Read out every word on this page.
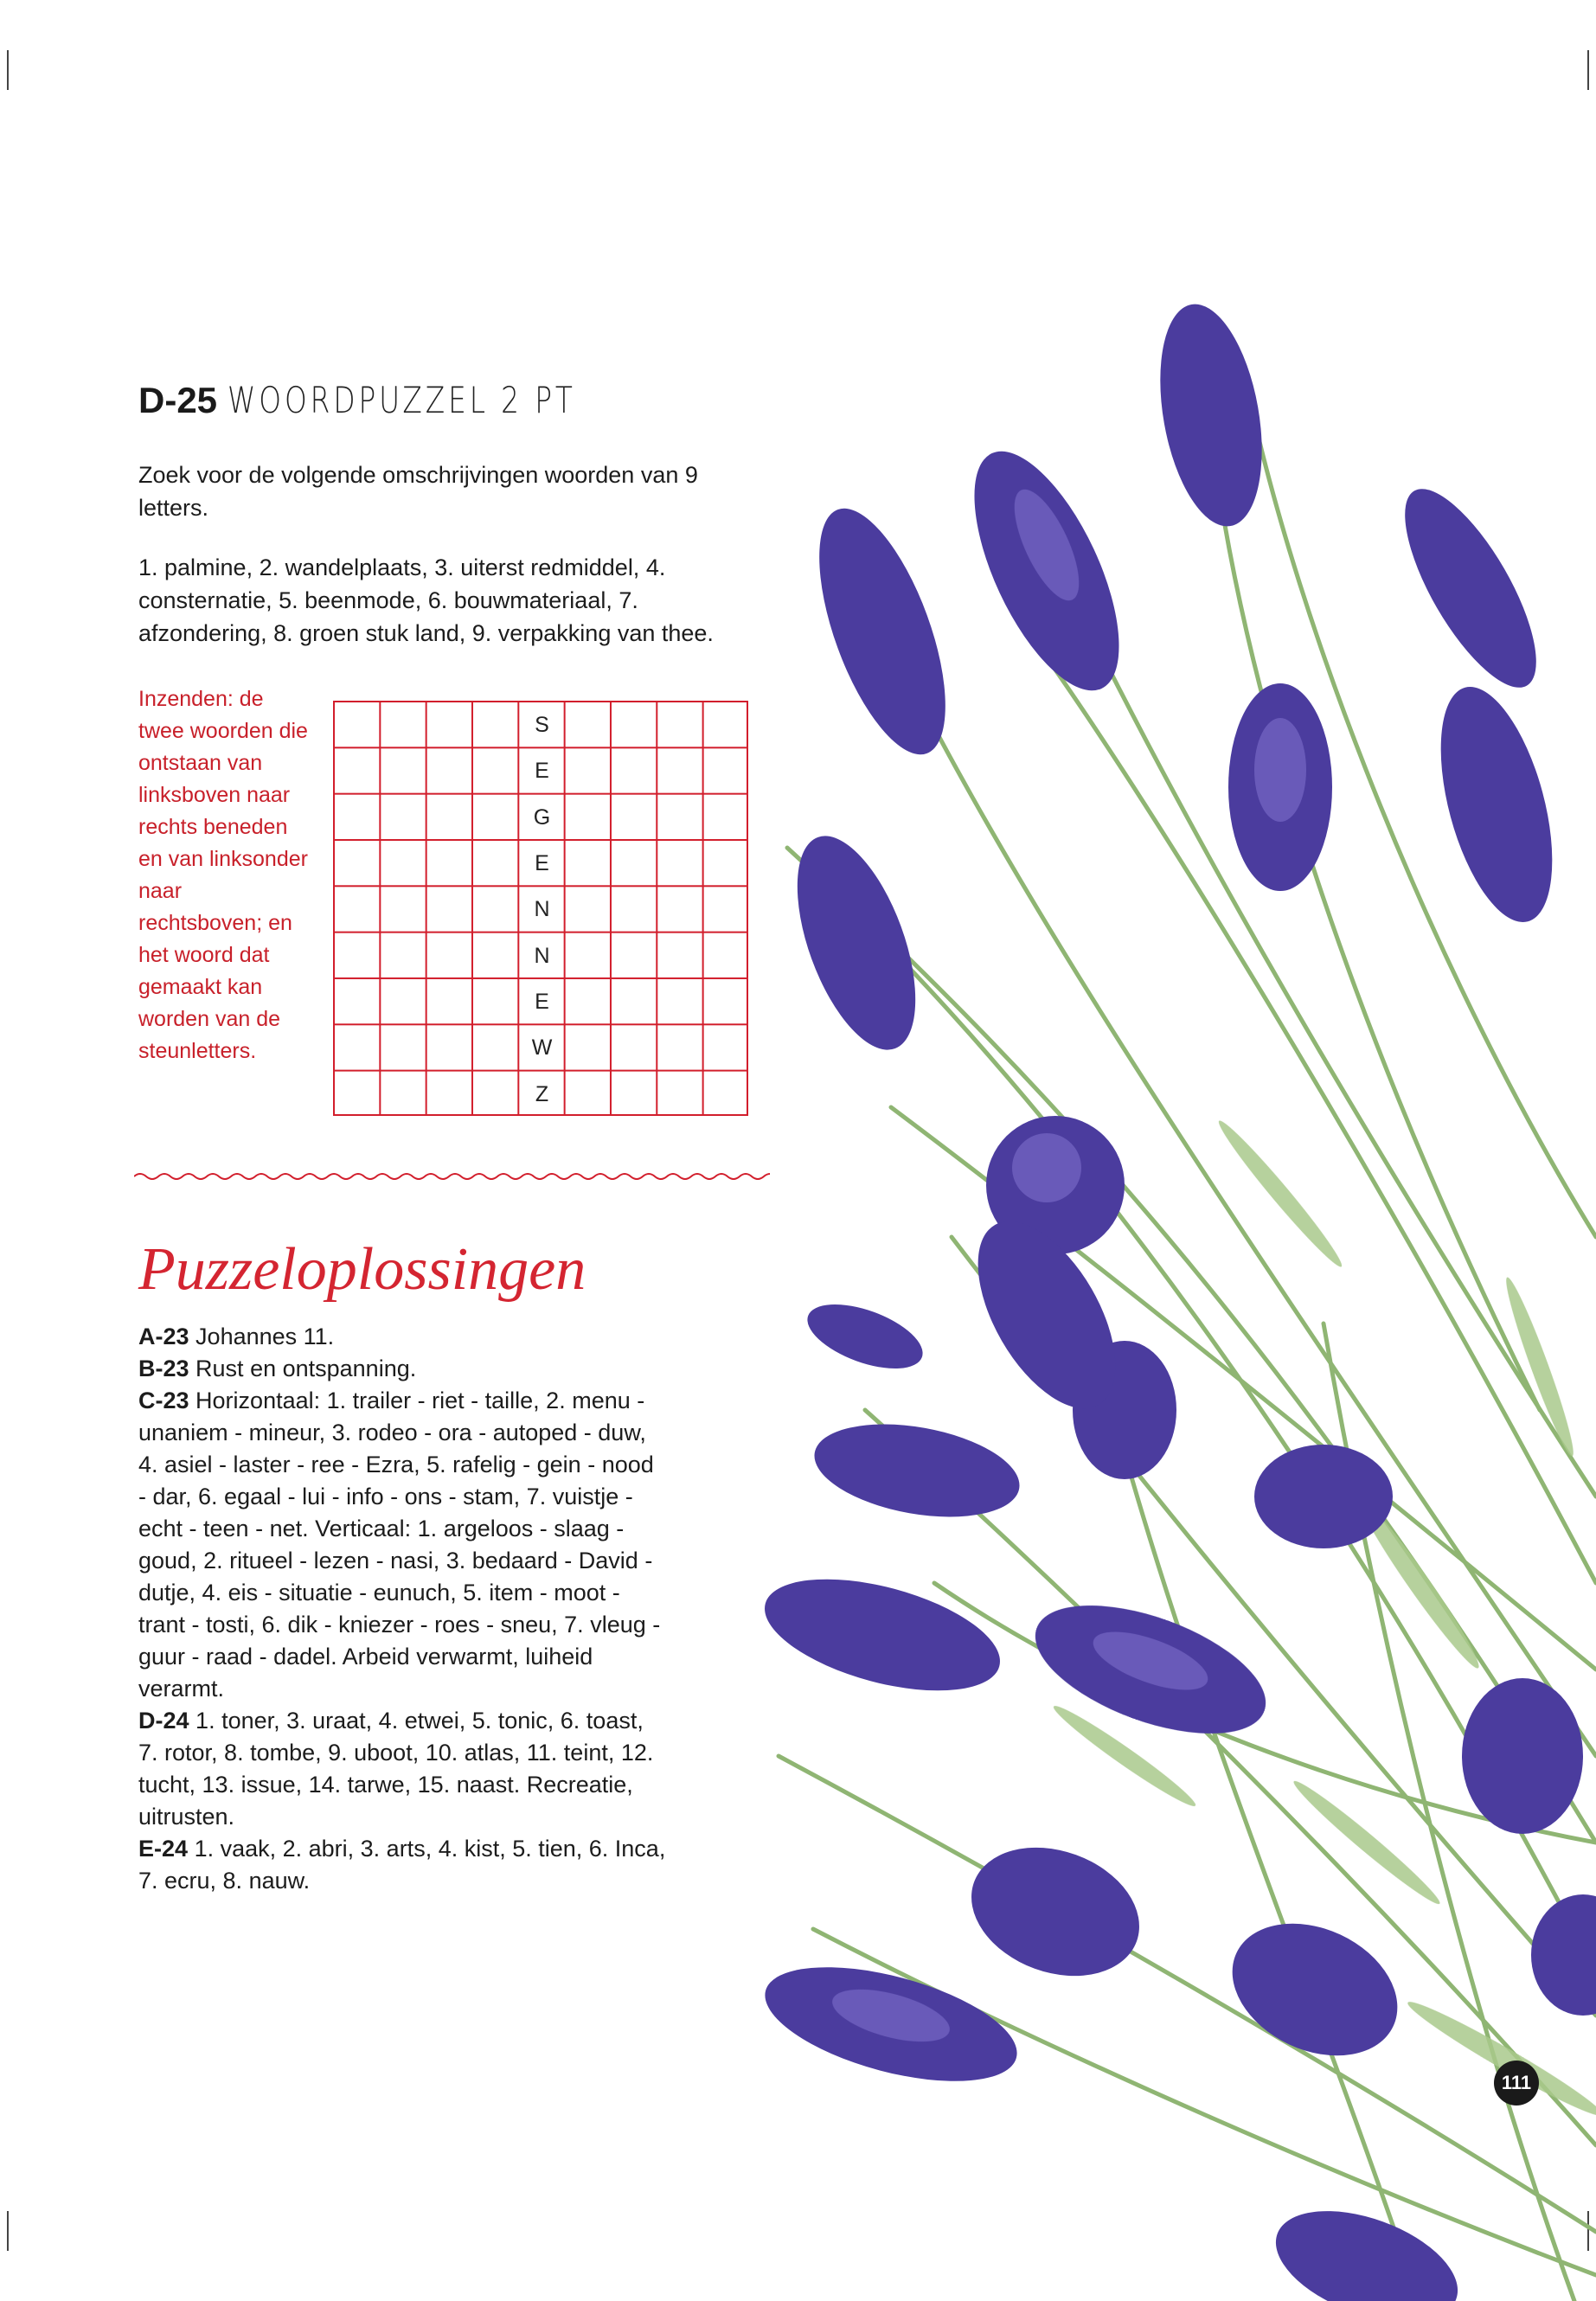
D-25 WOORDPUZZEL 2 PT

Zoek voor de volgende omschrijvingen woorden van 9 letters.

1. palmine, 2. wandelplaats, 3. uiterst redmiddel, 4. consternatie, 5. beenmode, 6. bouwmateriaal, 7. afzondering, 8. groen stuk land, 9. verpakking van thee.

Inzenden: de twee woorden die ontstaan van linksboven naar rechts beneden en van linksonder naar rechtsboven; en het woord dat gemaakt kan worden van de steunletters.

S
E
G
E
N
N
E
W
Z
Puzzeloplossingen

A-23 Johannes 11.
B-23 Rust en ontspanning.
C-23 Horizontaal: 1. trailer - riet - taille, 2. menu - unaniem - mineur, 3. rodeo - ora - autoped - duw, 4. asiel - laster - ree - Ezra, 5. rafelig - gein - nood - dar, 6. egaal - lui - info - ons - stam, 7. vuistje - echt - teen - net. Verticaal: 1. argeloos - slaag - goud, 2. ritueel - lezen - nasi, 3. bedaard - David - dutje, 4. eis - situatie - eunuch, 5. item - moot - trant - tosti, 6. dik - kniezer - roes - sneu, 7. vleug - guur - raad - dadel. Arbeid verwarmt, luiheid verarmt.
D-24 1. toner, 3. uraat, 4. etwei, 5. tonic, 6. toast, 7. rotor, 8. tombe, 9. uboot, 10. atlas, 11. teint, 12. tucht, 13. issue, 14. tarwe, 15. naast. Recreatie, uitrusten.
E-24 1. vaak, 2. abri, 3. arts, 4. kist, 5. tien, 6. Inca, 7. ecru, 8. nauw.

111
